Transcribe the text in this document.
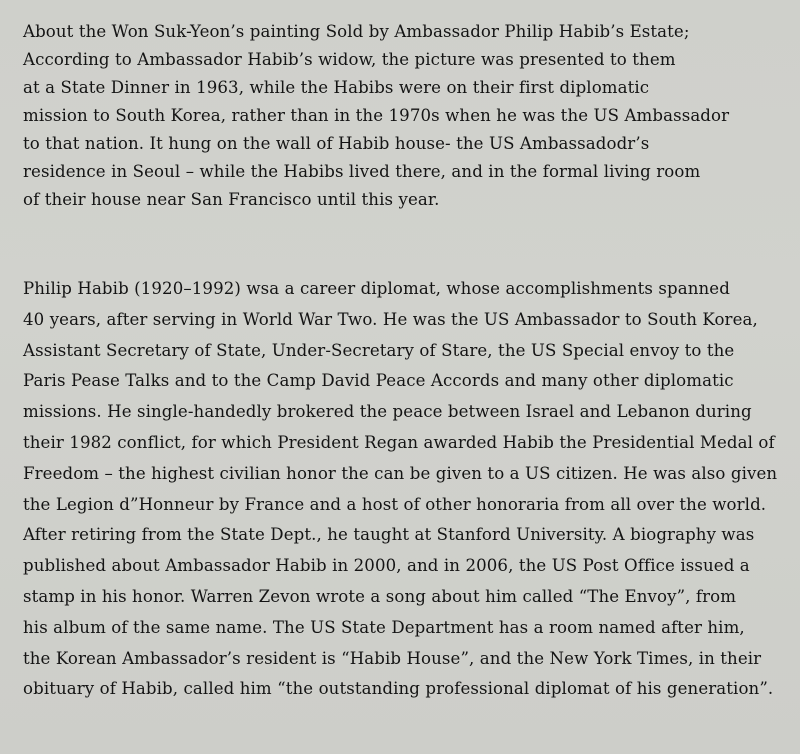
About the Won Suk-Yeon’s painting Sold by Ambassador Philip Habib’s Estate;
According to Ambassador Habib’s widow, the picture was presented to them
at a State Dinner in 1963, while the Habibs were on their first diplomatic
mission to South Korea, rather than in the 1970s when he was the US Ambassador
to that nation. It hung on the wall of Habib house- the US Ambassadodr’s
residence in Seoul – while the Habibs lived there, and in the formal living room
of their house near San Francisco until this year.
Philip Habib (1920–1992) wsa a career diplomat, whose accomplishments spanned
40 years, after serving in World War Two. He was the US Ambassador to South Korea,
Assistant Secretary of State, Under-Secretary of Stare, the US Special envoy to the
Paris Pease Talks and to the Camp David Peace Accords and many other diplomatic
missions. He single-handedly brokered the peace between Israel and Lebanon during
their 1982 conflict, for which President Regan awarded Habib the Presidential Medal of
Freedom – the highest civilian honor the can be given to a US citizen. He was also given
the Legion d”Honneur by France and a host of other honoraria from all over the world.
After retiring from the State Dept., he taught at Stanford University. A biography was
published about Ambassador Habib in 2000, and in 2006, the US Post Office issued a
stamp in his honor. Warren Zevon wrote a song about him called “The Envoy”, from
his album of the same name. The US State Department has a room named after him,
the Korean Ambassador’s resident is “Habib House”, and the New York Times, in their
obituary of Habib, called him “the outstanding professional diplomat of his generation”.
